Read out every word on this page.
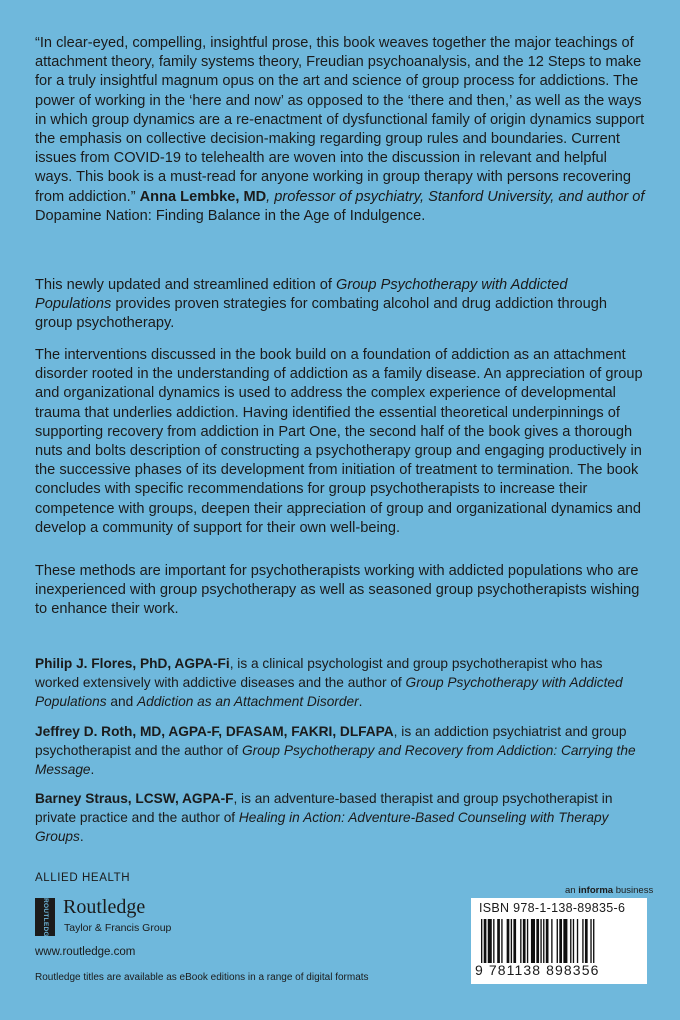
“In clear-eyed, compelling, insightful prose, this book weaves together the major teachings of attachment theory, family systems theory, Freudian psychoanalysis, and the 12 Steps to make for a truly insightful magnum opus on the art and science of group process for addictions. The power of working in the ‘here and now’ as opposed to the ‘there and then,’ as well as the ways in which group dynamics are a re-enactment of dysfunctional family of origin dynamics support the emphasis on collective decision-making regarding group rules and boundaries. Current issues from COVID-19 to telehealth are woven into the discussion in relevant and helpful ways. This book is a must-read for anyone working in group therapy with persons recovering from addiction.” Anna Lembke, MD, professor of psychiatry, Stanford University, and author of Dopamine Nation: Finding Balance in the Age of Indulgence.

This newly updated and streamlined edition of Group Psychotherapy with Addicted Populations provides proven strategies for combating alcohol and drug addiction through group psychotherapy.

The interventions discussed in the book build on a foundation of addiction as an attachment disorder rooted in the understanding of addiction as a family disease. An appreciation of group and organizational dynamics is used to address the complex experience of developmental trauma that underlies addiction. Having identified the essential theoretical underpinnings of supporting recovery from addiction in Part One, the second half of the book gives a thorough nuts and bolts description of constructing a psychotherapy group and engaging productively in the successive phases of its development from initiation of treatment to termination. The book concludes with specific recommendations for group psychotherapists to increase their competence with groups, deepen their appreciation of group and organizational dynamics and develop a community of support for their own well-being.

These methods are important for psychotherapists working with addicted populations who are inexperienced with group psychotherapy as well as seasoned group psychotherapists wishing to enhance their work.

Philip J. Flores, PhD, AGPA-Fi, is a clinical psychologist and group psychotherapist who has worked extensively with addictive diseases and the author of Group Psychotherapy with Addicted Populations and Addiction as an Attachment Disorder.

Jeffrey D. Roth, MD, AGPA-F, DFASAM, FAKRI, DLFAPA, is an addiction psychiatrist and group psychotherapist and the author of Group Psychotherapy and Recovery from Addiction: Carrying the Message.

Barney Straus, LCSW, AGPA-F, is an adventure-based therapist and group psychotherapist in private practice and the author of Healing in Action: Adventure-Based Counseling with Therapy Groups.

ALLIED HEALTH
ROUTLEDGE Routledge
Taylor & Francis Group
www.routledge.com
Routledge titles are available as eBook editions in a range of digital formats
an informa business
ISBN 978-1-138-89835-6
9 781138 898356
